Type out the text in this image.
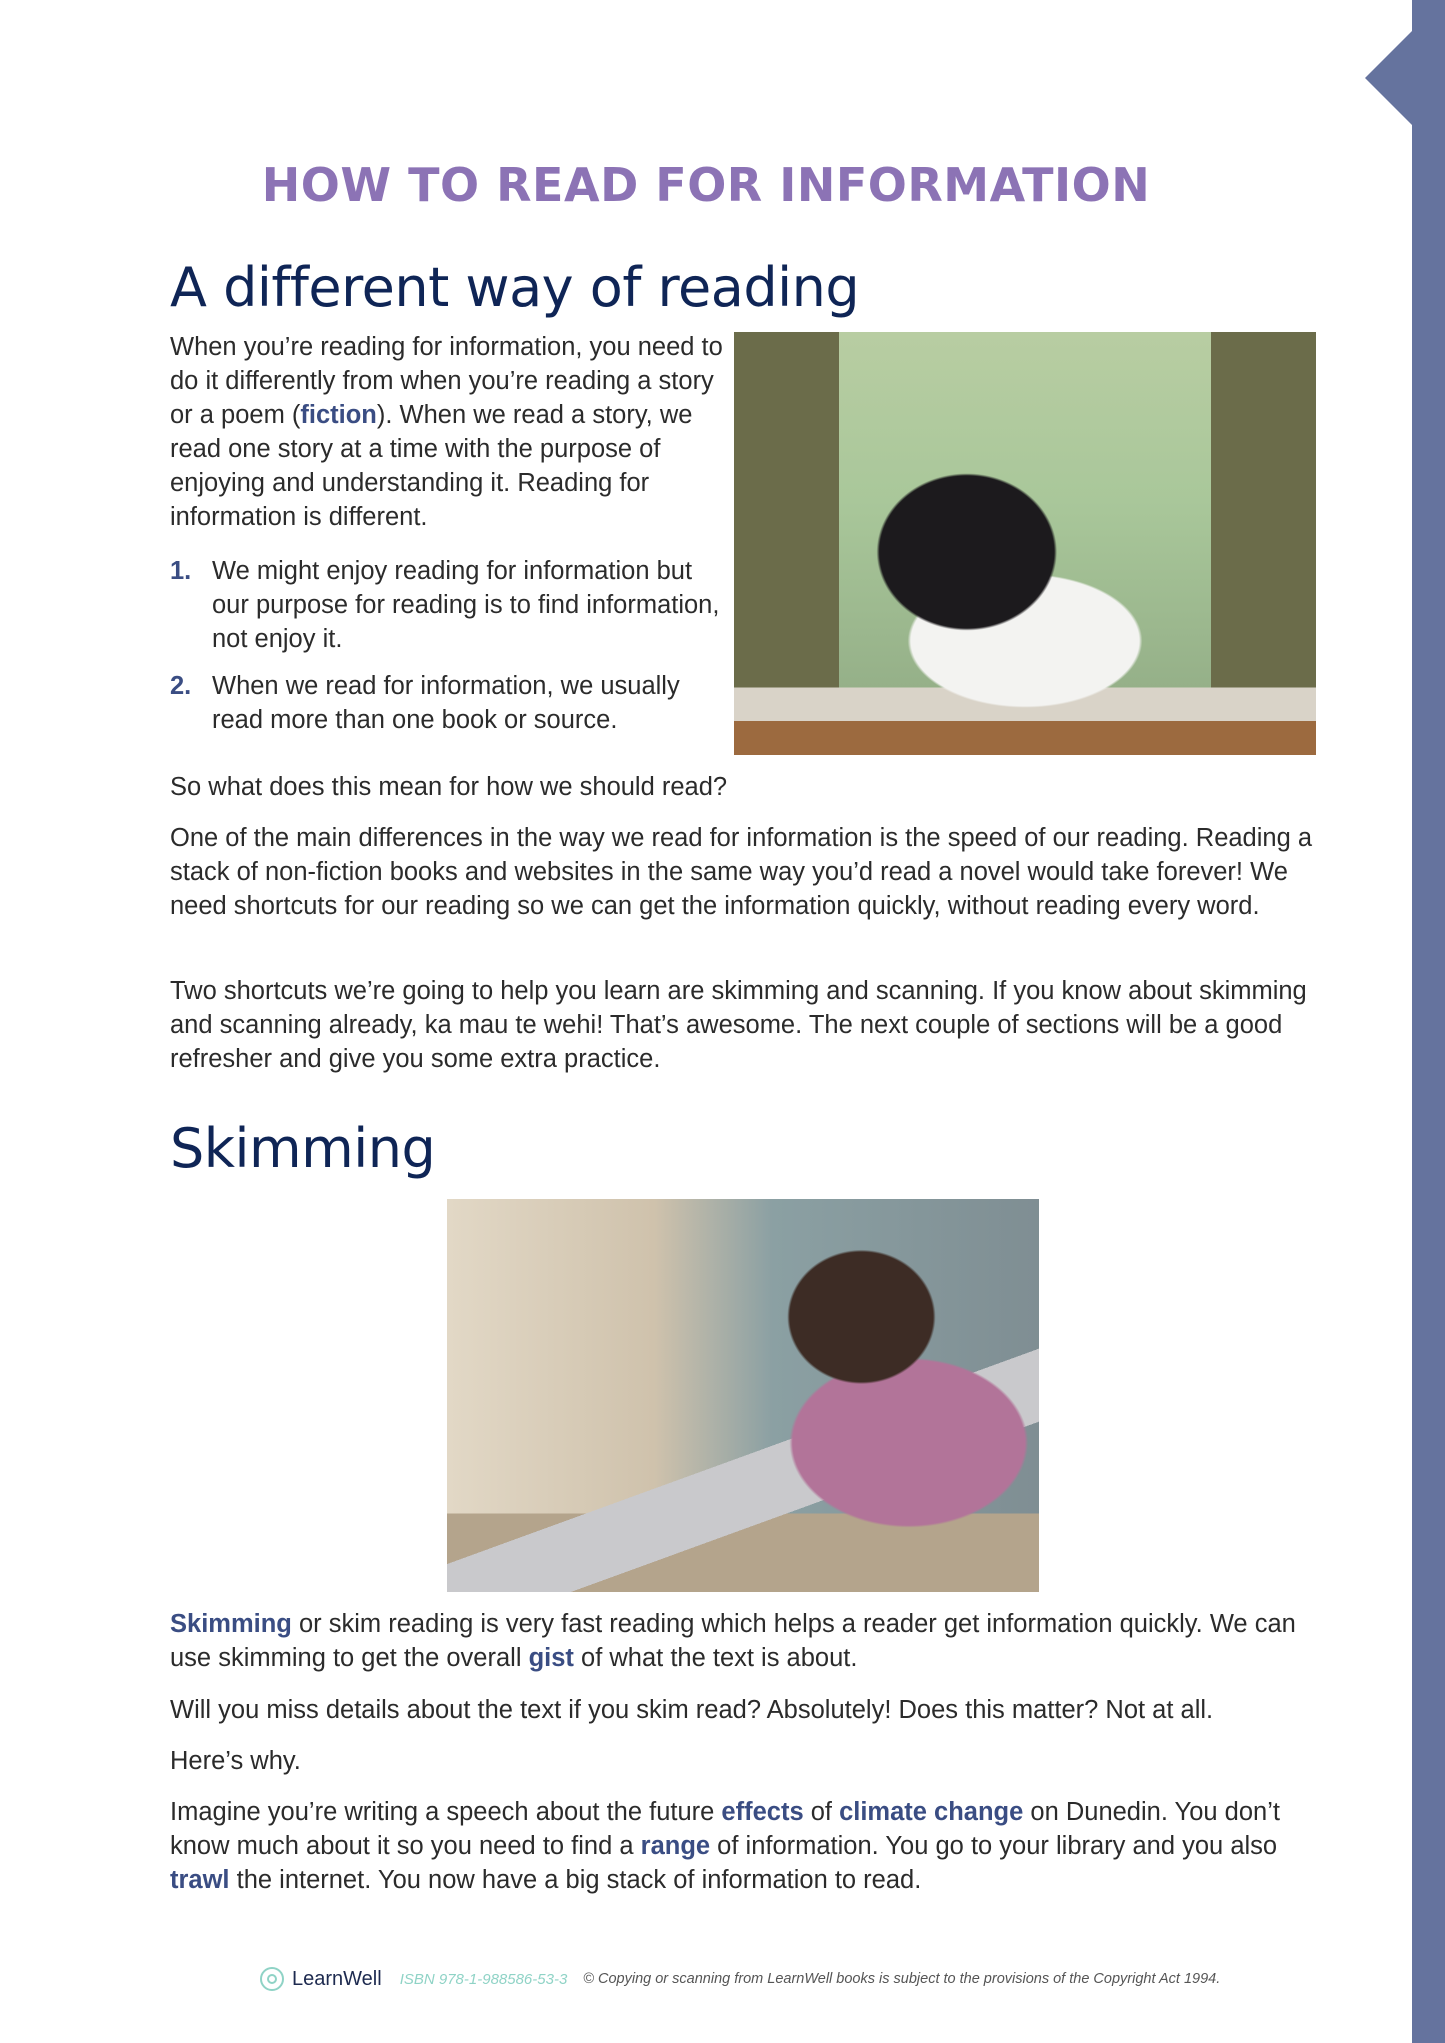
HOW TO READ FOR INFORMATION
A different way of reading

When you’re reading for information, you need to do it differently from when you’re reading a story or a poem (fiction). When we read a story, we read one story at a time with the purpose of enjoying and understanding it. Reading for information is different.

1. We might enjoy reading for information but our purpose for reading is to find information, not enjoy it.
2. When we read for information, we usually read more than one book or source.

So what does this mean for how we should read?

One of the main differences in the way we read for information is the speed of our reading. Reading a stack of non-fiction books and websites in the same way you’d read a novel would take forever! We need shortcuts for our reading so we can get the information quickly, without reading every word.

Two shortcuts we’re going to help you learn are skimming and scanning. If you know about skimming and scanning already, ka mau te wehi! That’s awesome. The next couple of sections will be a good refresher and give you some extra practice.

Skimming

Skimming or skim reading is very fast reading which helps a reader get information quickly. We can use skimming to get the overall gist of what the text is about.

Will you miss details about the text if you skim read? Absolutely! Does this matter? Not at all.

Here’s why.

Imagine you’re writing a speech about the future effects of climate change on Dunedin. You don’t know much about it so you need to find a range of information. You go to your library and you also trawl the internet. You now have a big stack of information to read.

LearnWell ISBN 978-1-988586-53-3 © Copying or scanning from LearnWell books is subject to the provisions of the Copyright Act 1994.
